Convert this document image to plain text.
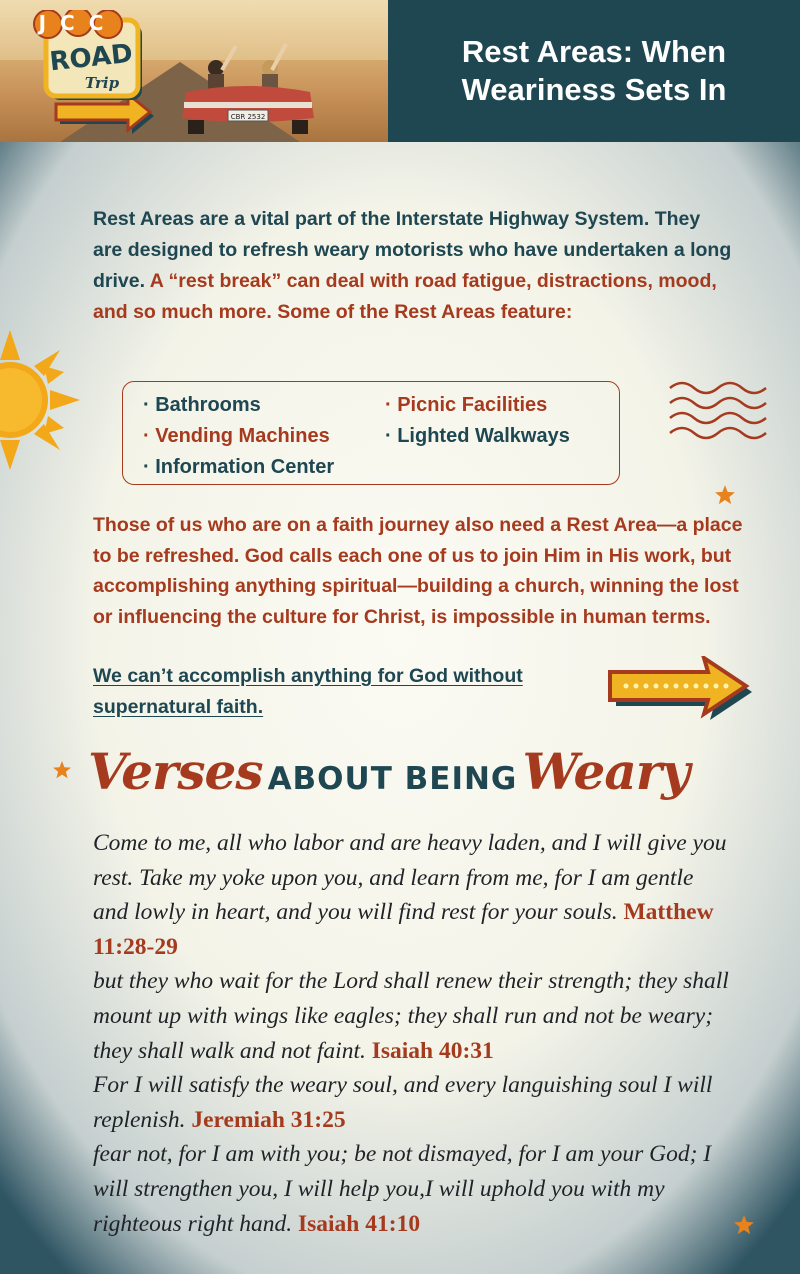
CBR 2532
JCC
ROAD
Trip
Rest Areas: When Weariness Sets In

Rest Areas are a vital part of the Interstate Highway System. They are designed to refresh weary motorists who have undertaken a long drive. A “rest break” can deal with road fatigue, distractions, mood, and so much more. Some of the Rest Areas feature:

· Bathrooms	· Picnic Facilities
· Vending Machines	· Lighted Walkways
· Information Center

Those of us who are on a faith journey also need a Rest Area—a place to be refreshed. God calls each one of us to join Him in His work, but accomplishing anything spiritual—building a church, winning the lost or influencing the culture for Christ, is impossible in human terms.

We can’t accomplish anything for God without supernatural faith.

Verses ABOUT BEING Weary

Come to me, all who labor and are heavy laden, and I will give you rest. Take my yoke upon you, and learn from me, for I am gentle and lowly in heart, and you will find rest for your souls. Matthew 11:28-29
but they who wait for the Lord shall renew their strength; they shall mount up with wings like eagles; they shall run and not be weary; they shall walk and not faint. Isaiah 40:31
For I will satisfy the weary soul, and every languishing soul I will replenish. Jeremiah 31:25
fear not, for I am with you; be not dismayed, for I am your God; I will strengthen you, I will help you,I will uphold you with my righteous right hand. Isaiah 41:10
